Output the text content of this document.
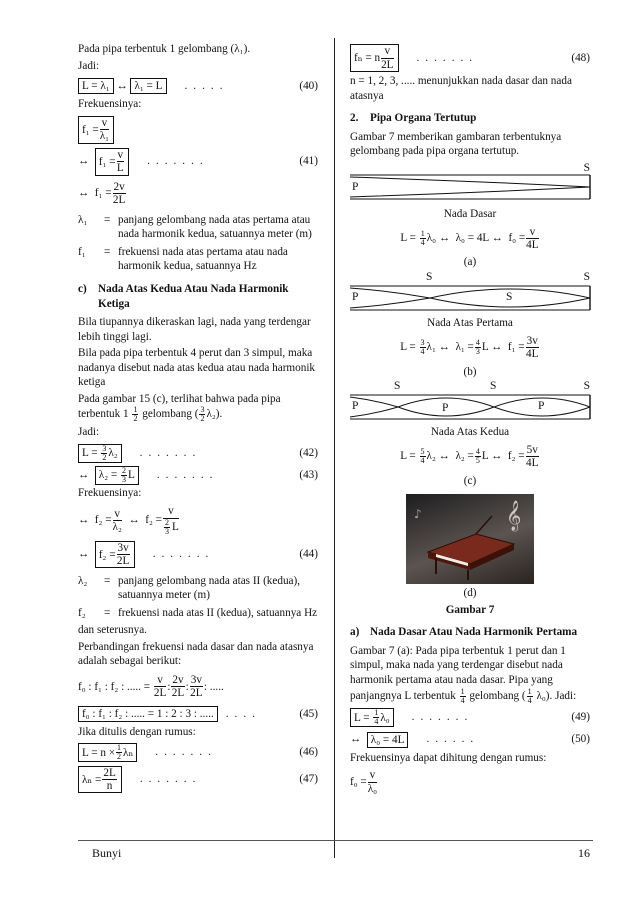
Pada pipa terbentuk 1 gelombang (λ₁).

Jadi:

L = λ₁
↔
λ₁ = L	.....	(40)

Frekuensinya:

$f_1 = \frac{v}{\text{λ₁}}$
↔
$f_1 = \frac{v}{L}$	.......	(41)
↔
$f_1 = \frac{2v}{2L}$
λ₁	= panjang gelombang nada atas pertama atau nada harmonik kedua, satuannya meter (m)
f₁	= frekuensi nada atas pertama atau nada harmonik kedua, satuannya Hz
c)	Nada Atas Kedua Atau Nada Harmonik Ketiga

Bila tiupannya dikeraskan lagi, nada yang terdengar lebih tinggi lagi.

Bila pada pipa terbentuk 4 perut dan 3 simpul, maka nadanya disebut nada atas kedua atau nada harmonik ketiga

Pada gambar 15 (c), terlihat bahwa pada pipa terbentuk $1 \frac{1}{2}$ gelombang ( $\frac{3}{2} \lambda_2$).

Jadi:

L =
$\frac{3}{2} \lambda_2$	.......	(42)
↔
λ₂ =
$\frac{2}{3}$ L	.......	(43)

Frekuensinya:

↔
$f_2 = \frac{v}{\text{λ₂}}$
↔
f₂ = v
2
3 L
↔
$f_2 = \frac{3v}{2L}$	.......	(44)
λ₂	= panjang gelombang nada atas II (kedua), satuannya meter (m)
f₂	= frekuensi nada atas II (kedua), satuannya Hz

dan seterusnya.

Perbandingan frekuensi nada dasar dan nada atasnya adalah sebagai berikut:

f₀ : f₁ : f₂ : ..... =
$\frac{v}{2L}$ :
2v
2L
:
3v
2L
: .....
f₀ : f₁ : f₂ : ..... = 1 : 2 : 3 : .....	....	(45)

Jika ditulis dengan rumus:

$L = n \times \frac{1}{2}$ λₙ	.......	(46)
$\lambda_n = \frac{2L}{n}$	.......	(47)
fₙ = n
v
2L
.......	(48)

n = 1, 2, 3, ..... menunjukkan nada dasar dan nada atasnya

2.	Pipa Organa Tertutup

Gambar 7 memberikan gambaran terbentuknya gelombang pada pipa organa tertutup.

S
P
Nada Dasar
L =
$\frac{1}{4} \lambda_0$ ↔
λ₀ = 4L ↔
$f_0 = \frac{v}{4L}$
(a)
S	S
P	S
Nada Atas Pertama
L =
$\frac{3}{4} \lambda_1$ ↔
$\lambda_1 = \frac{4}{3}$ L ↔
$f_1 = \frac{3v}{4L}$
(b)
S	S	S
P	P	P
Nada Atas Kedua
L =
$\frac{5}{4} \lambda_2$ ↔
$\lambda_2 = \frac{4}{5}$ L ↔
$f_2 = \frac{5v}{4L}$
(c)
𝄞
♪
(d)
Gambar 7
a) Nada Dasar Atau Nada Harmonik Pertama

Gambar 7 (a): Pada pipa terbentuk 1 perut dan 1 simpul, maka nada yang terdengar disebut nada harmonik pertama atau nada dasar. Pipa yang panjangnya L terbentuk $\frac{1}{4}$ gelombang ( $\frac{1}{4} \lambda_0$). Jadi:

L =
$\frac{1}{4} \lambda_0$	.......	(49)
↔
λ₀ = 4L	......	(50)

Frekuensinya dapat dihitung dengan rumus:

$f_0 = \frac{v}{\text{λ₀}}$
Bunyi	16
